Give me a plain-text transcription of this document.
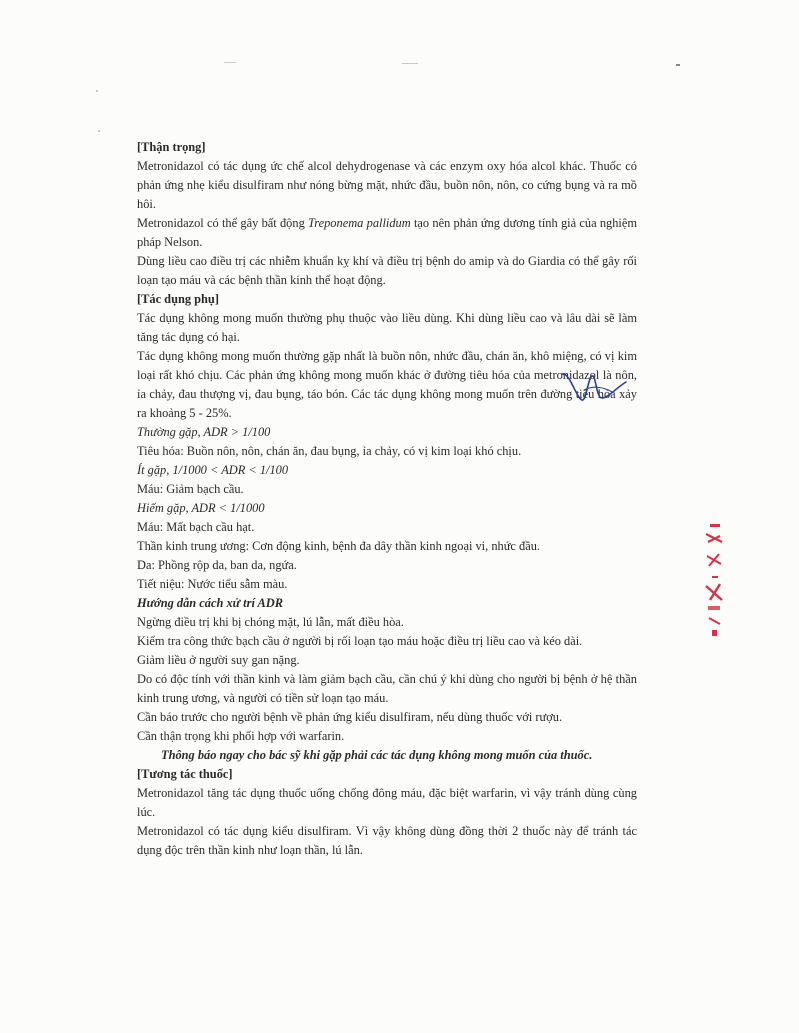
[Thận trọng]

Metronidazol có tác dụng ức chế alcol dehydrogenase và các enzym oxy hóa alcol khác. Thuốc có phản ứng nhẹ kiểu disulfiram như nóng bừng mặt, nhức đầu, buồn nôn, nôn, co cứng bụng và ra mồ hôi.

Metronidazol có thể gây bất động Treponema pallidum tạo nên phản ứng dương tính giả của nghiệm pháp Nelson.

Dùng liều cao điều trị các nhiễm khuẩn kỵ khí và điều trị bệnh do amip và do Giardia có thể gây rối loạn tạo máu và các bệnh thần kinh thể hoạt động.

[Tác dụng phụ]

Tác dụng không mong muốn thường phụ thuộc vào liều dùng. Khi dùng liều cao và lâu dài sẽ làm tăng tác dụng có hại.

Tác dụng không mong muốn thường gặp nhất là buồn nôn, nhức đầu, chán ăn, khô miệng, có vị kim loại rất khó chịu. Các phản ứng không mong muốn khác ở đường tiêu hóa của metronidazol là nôn, ỉa chảy, đau thượng vị, đau bụng, táo bón. Các tác dụng không mong muốn trên đường tiêu hóa xảy ra khoảng 5 - 25%.

Thường gặp, ADR > 1/100

Tiêu hóa: Buồn nôn, nôn, chán ăn, đau bụng, ỉa chảy, có vị kim loại khó chịu.

Ít gặp, 1/1000 < ADR < 1/100

Máu: Giảm bạch cầu.

Hiếm gặp, ADR < 1/1000

Máu: Mất bạch cầu hạt.

Thần kinh trung ương: Cơn động kinh, bệnh đa dây thần kinh ngoại vi, nhức đầu.

Da: Phồng rộp da, ban da, ngứa.

Tiết niệu: Nước tiểu sẫm màu.

Hướng dẫn cách xử trí ADR

Ngừng điều trị khi bị chóng mặt, lú lẫn, mất điều hòa.

Kiểm tra công thức bạch cầu ở người bị rối loạn tạo máu hoặc điều trị liều cao và kéo dài.

Giảm liều ở người suy gan nặng.

Do có độc tính với thần kinh và làm giảm bạch cầu, cần chú ý khi dùng cho người bị bệnh ở hệ thần kinh trung ương, và người có tiền sử loạn tạo máu.

Cần báo trước cho người bệnh về phản ứng kiểu disulfiram, nếu dùng thuốc với rượu.

Cần thận trọng khi phối hợp với warfarin.

Thông báo ngay cho bác sỹ khi gặp phải các tác dụng không mong muốn của thuốc.

[Tương tác thuốc]

Metronidazol tăng tác dụng thuốc uống chống đông máu, đặc biệt warfarin, vì vậy tránh dùng cùng lúc.

Metronidazol có tác dụng kiểu disulfiram. Vì vậy không dùng đồng thời 2 thuốc này để tránh tác dụng độc trên thần kinh như loạn thần, lú lẫn.
